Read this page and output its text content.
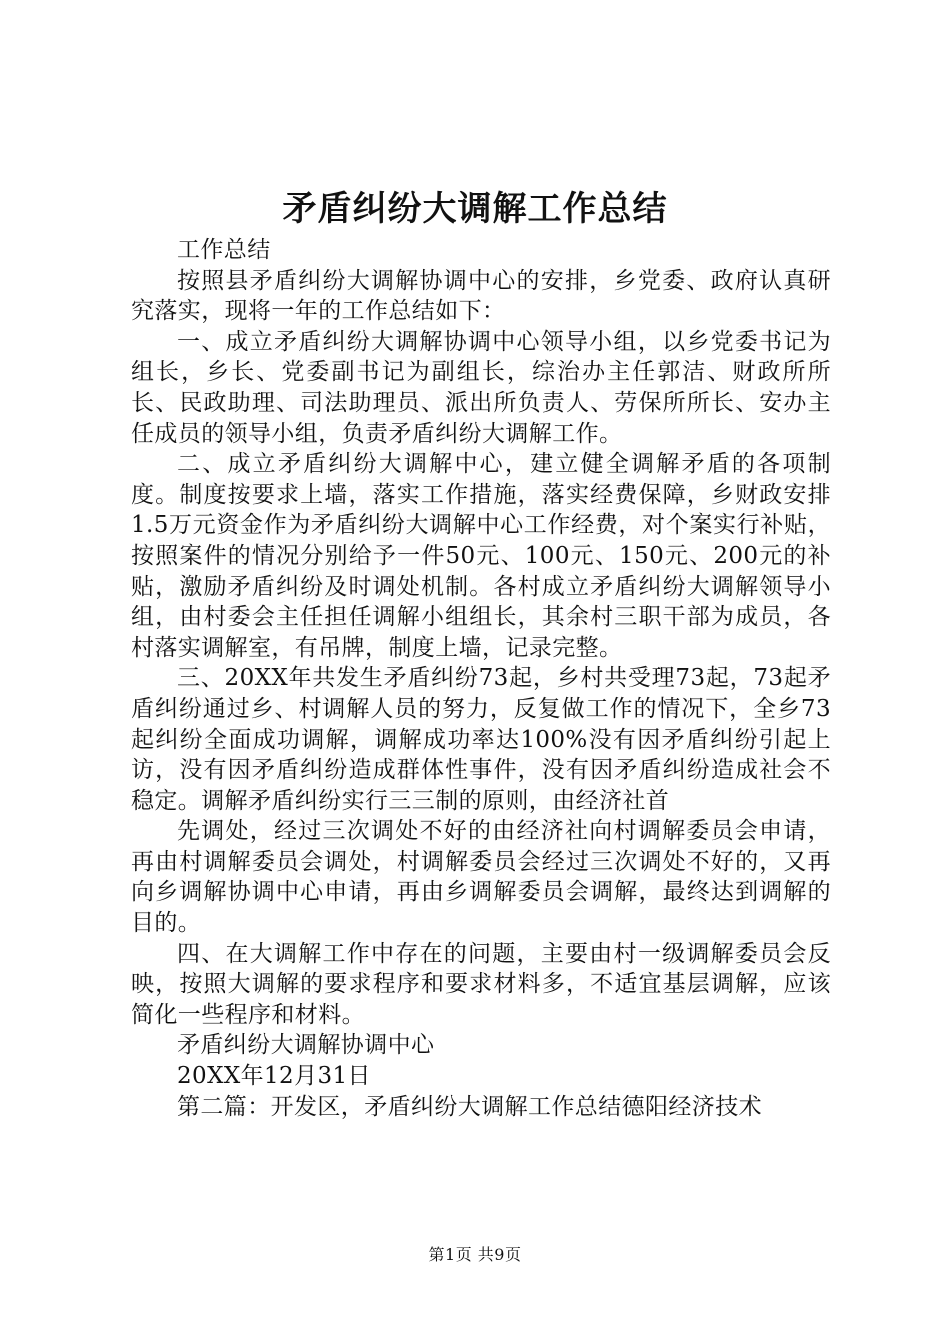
矛盾纠纷大调解工作总结

工作总结

按照县矛盾纠纷大调解协调中心的安排，乡党委、政府认真研究落实，现将一年的工作总结如下：

一、成立矛盾纠纷大调解协调中心领导小组，以乡党委书记为组长，乡长、党委副书记为副组长，综治办主任郭洁、财政所所长、民政助理、司法助理员、派出所负责人、劳保所所长、安办主任成员的领导小组，负责矛盾纠纷大调解工作。

二、成立矛盾纠纷大调解中心，建立健全调解矛盾的各项制度。制度按要求上墙，落实工作措施，落实经费保障，乡财政安排1.5万元资金作为矛盾纠纷大调解中心工作经费，对个案实行补贴，按照案件的情况分别给予一件50元、100元、150元、200元的补贴，激励矛盾纠纷及时调处机制。各村成立矛盾纠纷大调解领导小组，由村委会主任担任调解小组组长，其余村三职干部为成员，各村落实调解室，有吊牌，制度上墙，记录完整。

三、20XX年共发生矛盾纠纷73起，乡村共受理73起，73起矛盾纠纷通过乡、村调解人员的努力，反复做工作的情况下，全乡73起纠纷全面成功调解，调解成功率达100%没有因矛盾纠纷引起上访，没有因矛盾纠纷造成群体性事件，没有因矛盾纠纷造成社会不稳定。调解矛盾纠纷实行三三制的原则，由经济社首

先调处，经过三次调处不好的由经济社向村调解委员会申请，再由村调解委员会调处，村调解委员会经过三次调处不好的，又再向乡调解协调中心申请，再由乡调解委员会调解，最终达到调解的目的。

四、在大调解工作中存在的问题，主要由村一级调解委员会反映，按照大调解的要求程序和要求材料多，不适宜基层调解，应该简化一些程序和材料。

矛盾纠纷大调解协调中心

20XX年12月31日

第二篇：开发区，矛盾纠纷大调解工作总结德阳经济技术

第1页 共9页
